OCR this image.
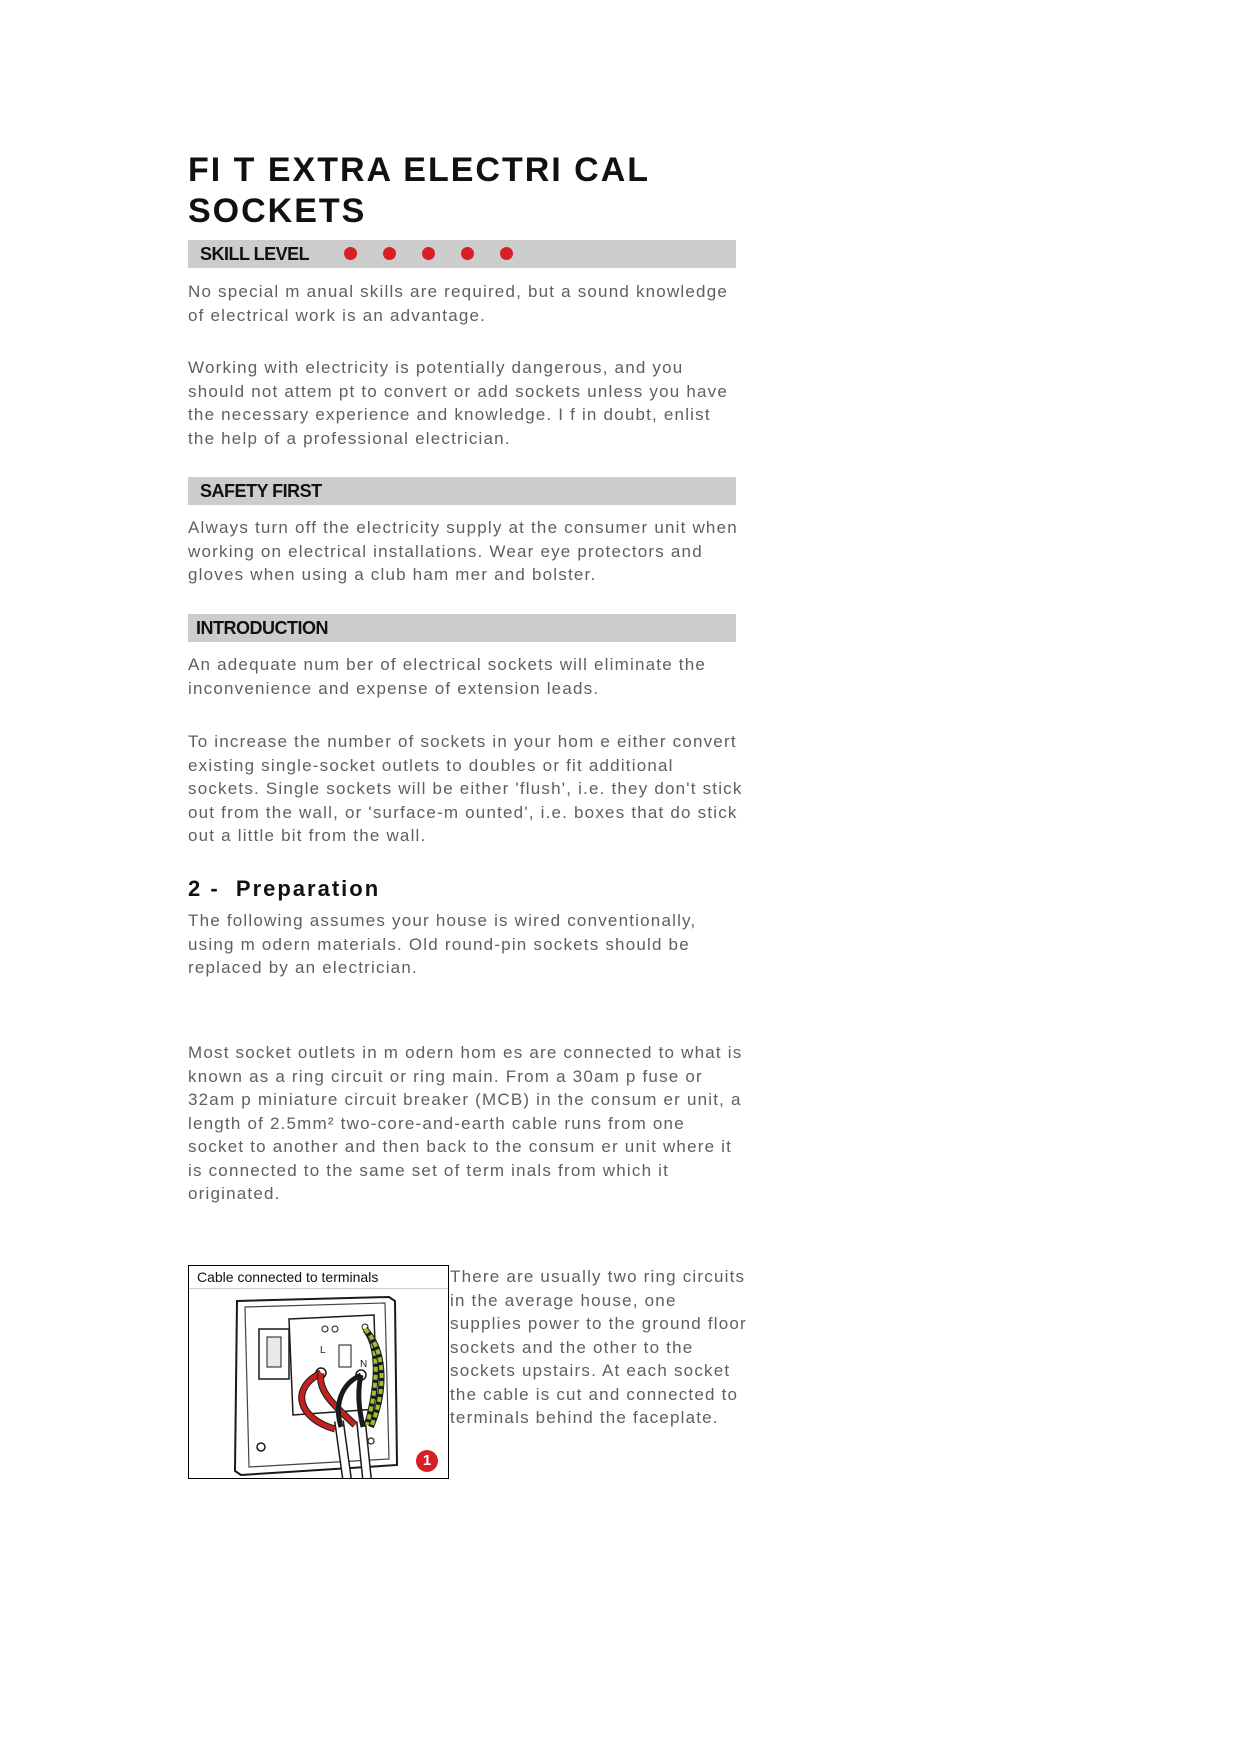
FI T EXTRA ELECTRI CAL
SOCKETS
SKILL LEVEL

No special m anual skills are required, but a sound knowledge of electrical work is an advantage.

Working with electricity is potentially dangerous, and you should not attem pt to convert or add sockets unless you have the necessary experience and knowledge. I f in doubt, enlist the help of a professional electrician.

SAFETY FIRST

Always turn off the electricity supply at the consumer unit when working on electrical installations. Wear eye protectors and gloves when using a club ham mer and bolster.

INTRODUCTION

An adequate num ber of electrical sockets will eliminate the inconvenience and expense of extension leads.

To increase the number of sockets in your hom e either convert existing single-socket outlets to doubles or fit additional sockets. Single sockets will be either 'flush', i.e. they don't stick out from the wall, or 'surface-m ounted', i.e. boxes that do stick out a little bit from the wall.

2 -  Preparation

The following assumes your house is wired conventionally, using m odern materials. Old round-pin sockets should be replaced by an electrician.

Most socket outlets in m odern hom es are connected to what is known as a ring circuit or ring main. From a 30am p fuse or 32am p miniature circuit breaker (MCB) in the consum er unit, a length of 2.5mm² two-core-and-earth cable runs from one socket to another and then back to the consum er unit where it is connected to the same set of term inals from which it originated.

Cable connected to terminals
L
N
1

There are usually two ring circuits in the average house, one supplies power to the ground floor sockets and the other to the sockets upstairs. At each socket the cable is cut and connected to terminals behind the faceplate.
